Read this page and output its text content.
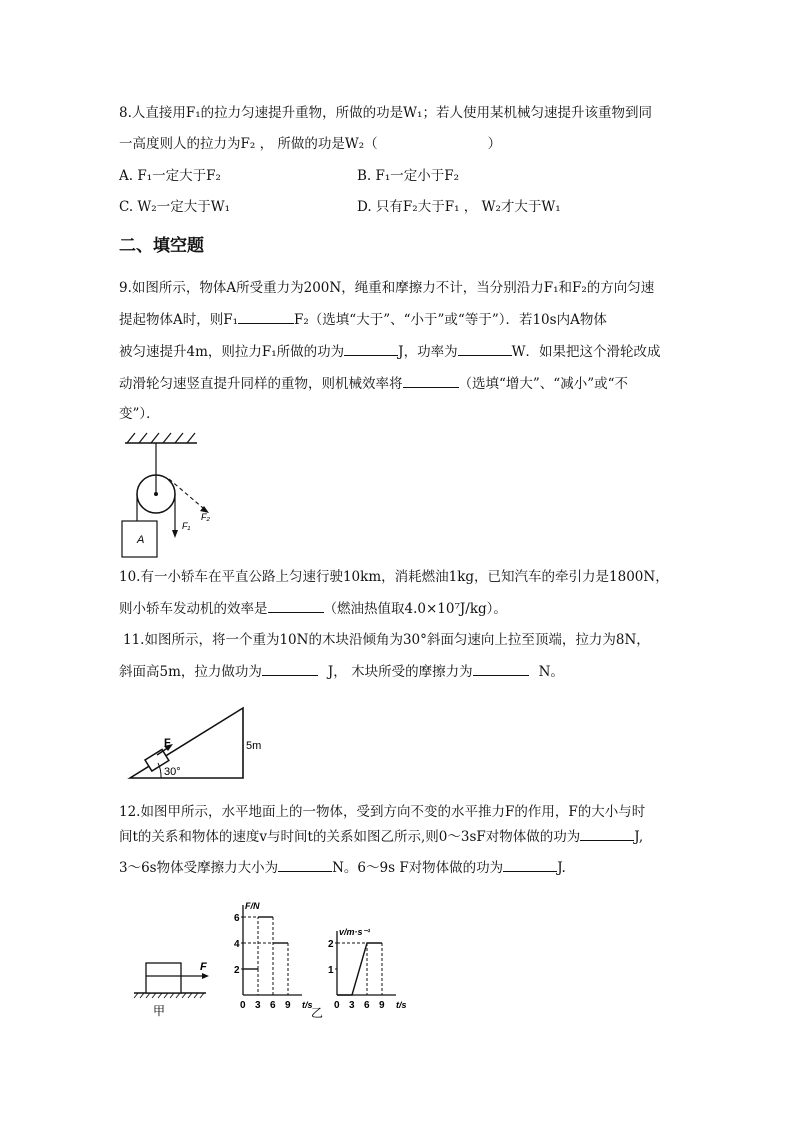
8.人直接用F₁的拉力匀速提升重物，所做的功是W₁；若人使用某机械匀速提升该重物到同
一高度则人的拉力为F₂ ， 所做的功是W₂（	）
A. F₁一定大于F₂	B. F₁一定小于F₂
C. W₂一定大于W₁	D. 只有F₂大于F₁ ， W₂才大于W₁
二、填空题
9.如图所示，物体A所受重力为200N，绳重和摩擦力不计，当分别沿力F₁和F₂的方向匀速
提起物体A时，则F₁	F₂（选填“大于”、“小于”或“等于”）．若10s内A物体
被匀速提升4m，则拉力F₁所做的功为	J，功率为	W．如果把这个滑轮改成
动滑轮匀速竖直提升同样的重物，则机械效率将	（选填“增大”、“减小”或“不
变”）．
A
F₁
F₂
10.有一小轿车在平直公路上匀速行驶10km，消耗燃油1kg，已知汽车的牵引力是1800N，
则小轿车发动机的效率是	（燃油热值取4.0×10⁷J/kg）。
11.如图所示，将一个重为10N的木块沿倾角为30°斜面匀速向上拉至顶端，拉力为8N，
斜面高5m，拉力做功为	J， 木块所受的摩擦力为	N。
F
30°
5m
12.如图甲所示，水平地面上的一物体，受到方向不变的水平推力F的作用，F的大小与时
间t的关系和物体的速度v与时间t的关系如图乙所示,则0～3sF对物体做的功为	J,
3～6s物体受摩擦力大小为	N。6～9s F对物体做的功为	J.
F
甲	乙
0 3 6 9
2
4
6
t/s
F/N
0 3 6 9
1
2
t/s
v/m·s⁻¹
